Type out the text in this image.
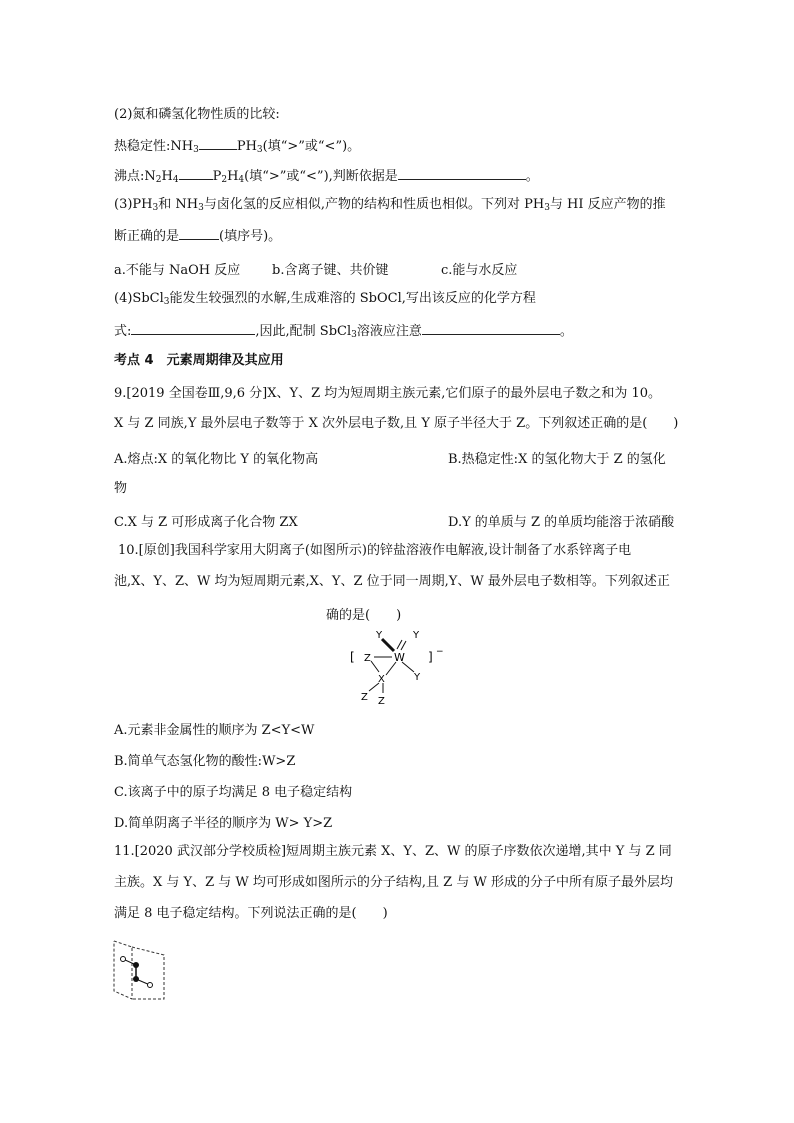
(2)氮和磷氢化物性质的比较:
热稳定性$:NH_3$	$PH_3$(填“>”或“<”)。
沸点$:N_2H_4$	$P_2H_4$(填“>”或“<”),判断依据是	。
$(3)PH_3$和 $NH_3$与卤化氢的反应相似,产物的结构和性质也相似。下列对 $PH_3$与 HI 反应产物的推
断正确的是	(填序号)。
a.不能与 NaOH 反应 b.含离子键、共价键	c.能与水反应
(4)SbCl$_3$能发生较强烈的水解,生成难溶的 SbOCl,写出该反应的化学方程
式:	,因此,配制 SbCl$_3$溶液应注意	。
考点 4　元素周期律及其应用
9.[2019 全国卷Ⅲ,9,6 分]X、Y、Z 均为短周期主族元素,它们原子的最外层电子数之和为 10。
X 与 Z 同族,Y 最外层电子数等于 X 次外层电子数,且 Y 原子半径大于 Z。下列叙述正确的是(　　)
A.熔点:X 的氧化物比 Y 的氧化物高	B.热稳定性:X 的氢化物大于 Z 的氢化
物
C.X 与 Z 可形成离子化合物 ZX	D.Y 的单质与 Z 的单质均能溶于浓硝酸
10.[原创]我国科学家用大阴离子(如图所示)的锌盐溶液作电解液,设计制备了水系锌离子电
池,X、Y、Z、W 均为短周期元素,X、Y、Z 位于同一周期,Y、W 最外层电子数相等。下列叙述正
确的是(　　)
[	] −
Y	Y
Z W
X	Y
Z Z
A.元素非金属性的顺序为 Z<Y<W
B.简单气态氢化物的酸性:W>Z
C.该离子中的原子均满足 8 电子稳定结构
D.简单阴离子半径的顺序为 W> Y>Z
11.[2020 武汉部分学校质检]短周期主族元素 X、Y、Z、W 的原子序数依次递增,其中 Y 与 Z 同
主族。X 与 Y、Z 与 W 均可形成如图所示的分子结构,且 Z 与 W 形成的分子中所有原子最外层均
满足 8 电子稳定结构。下列说法正确的是(　　)
